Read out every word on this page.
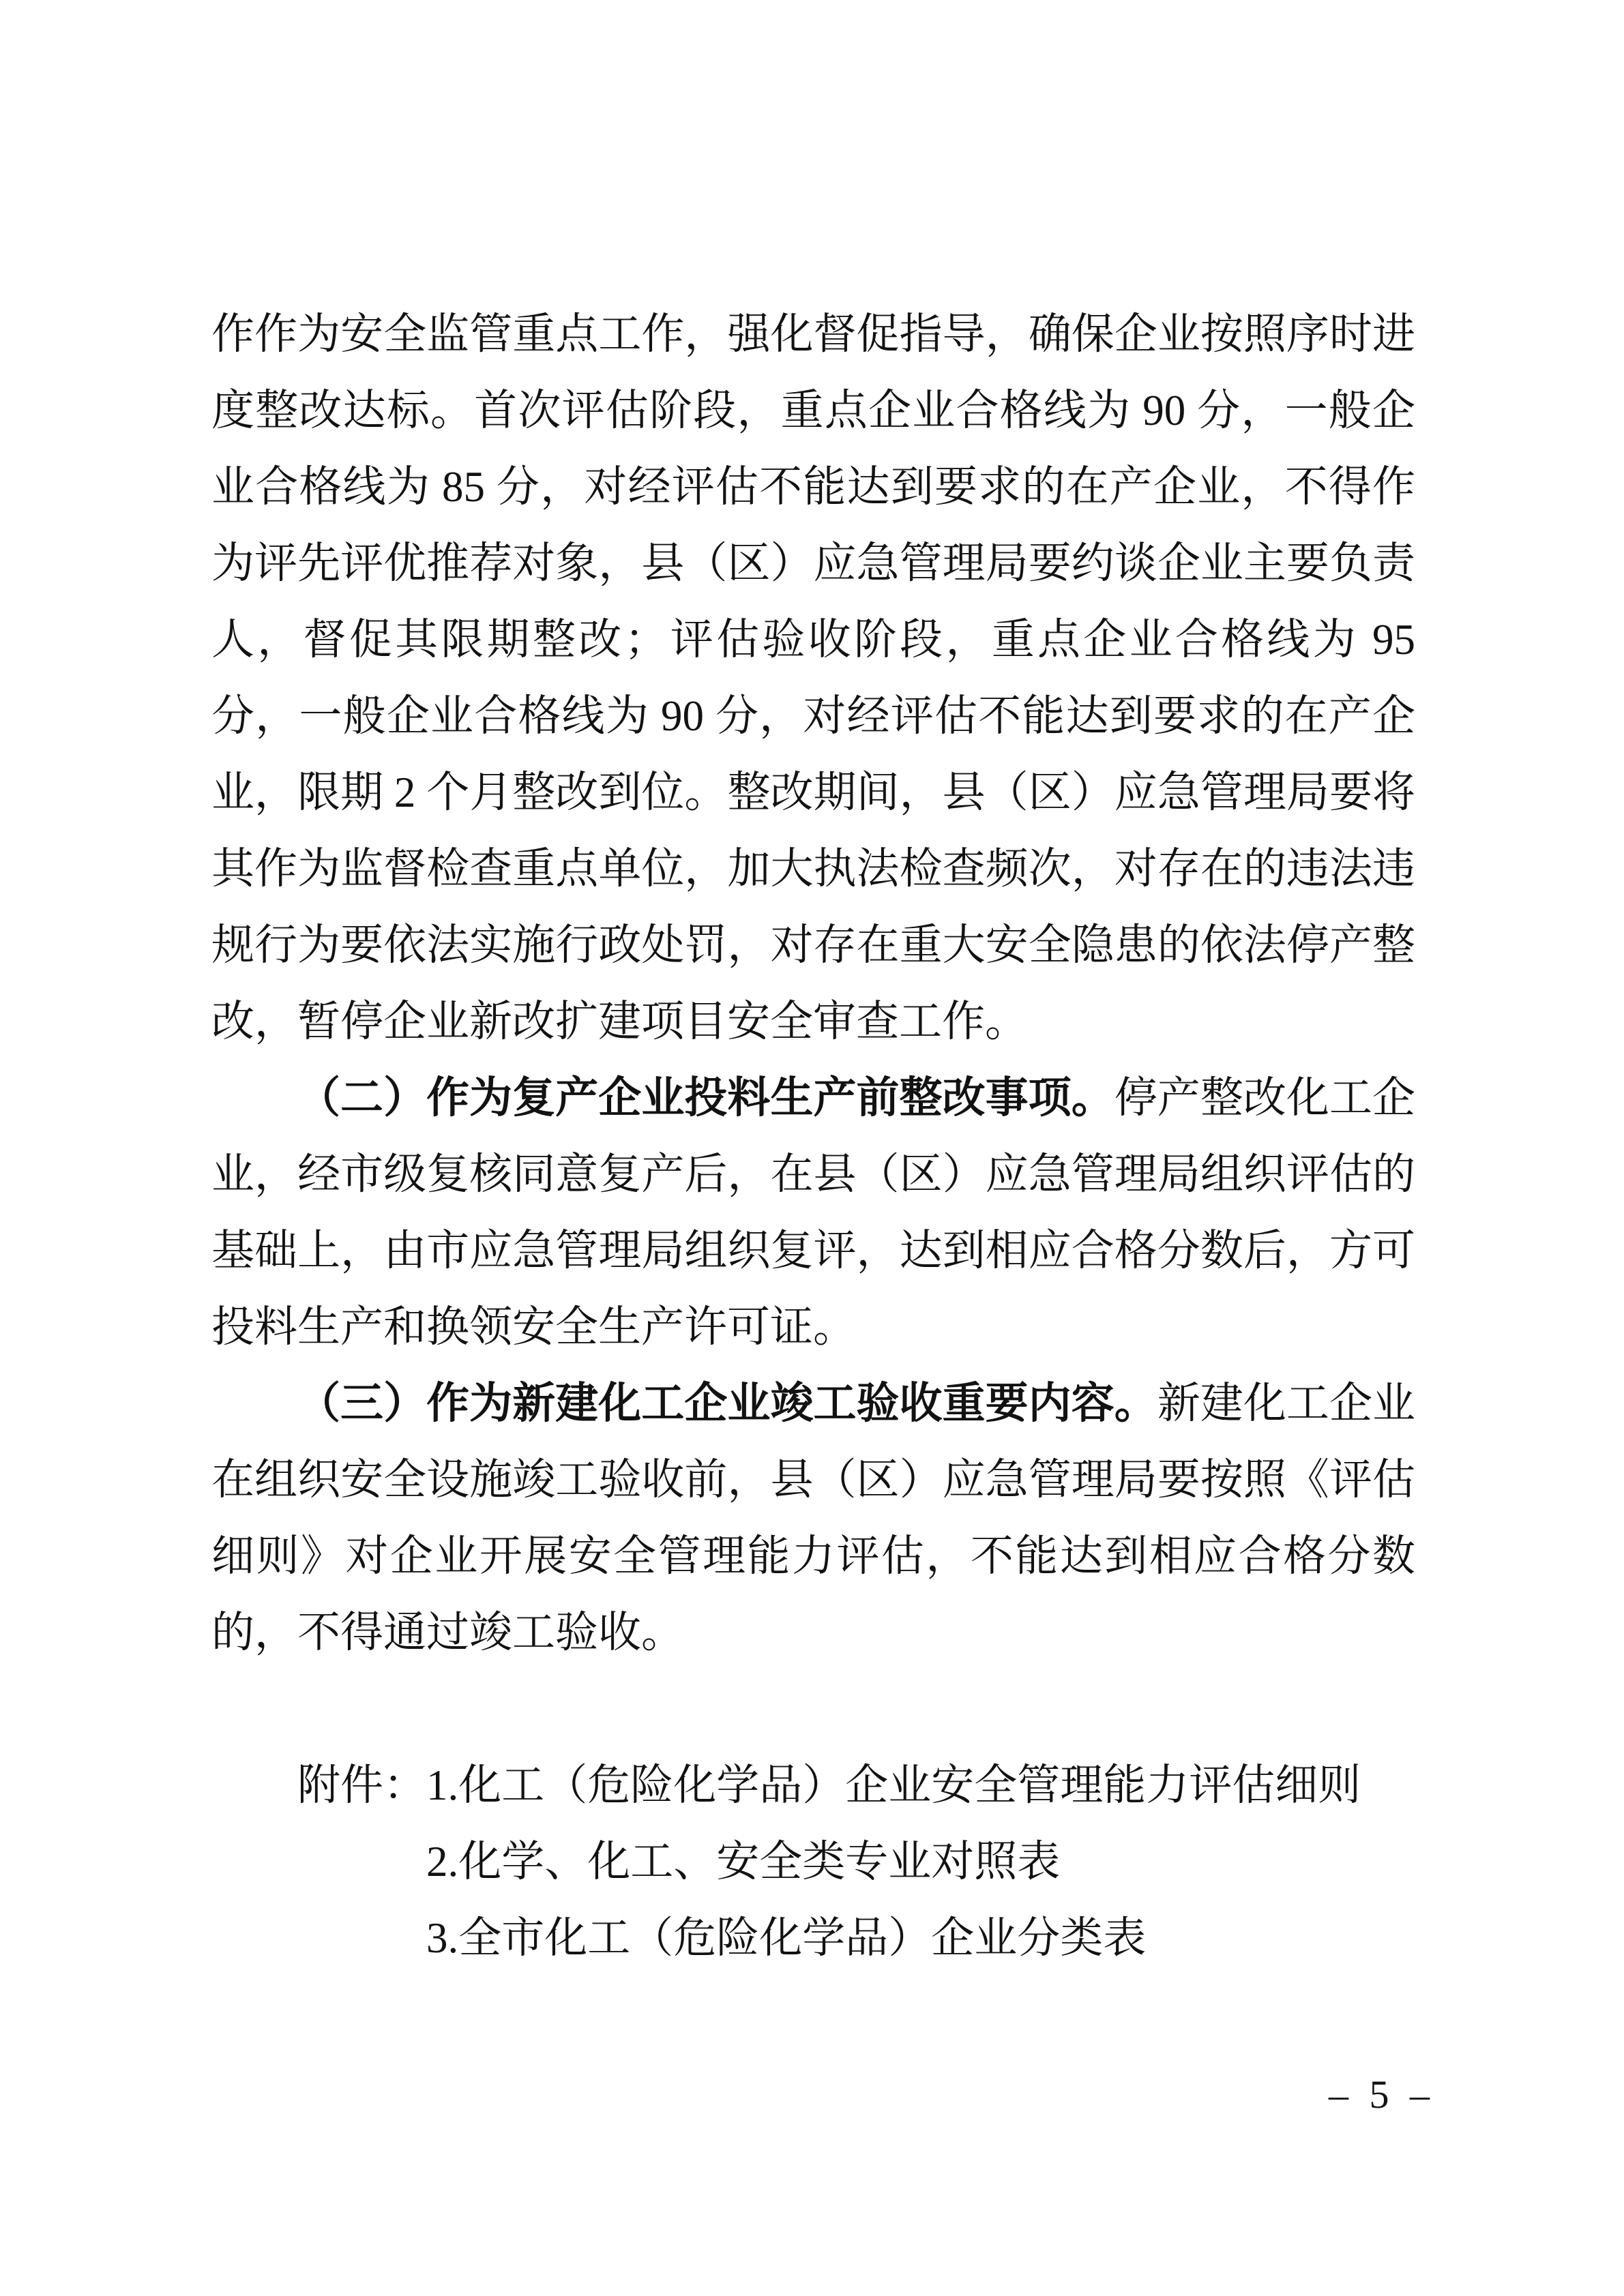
作作为安全监管重点工作，强化督促指导，确保企业按照序时进度整改达标。首次评估阶段，重点企业合格线为 90 分，一般企业合格线为 85 分，对经评估不能达到要求的在产企业，不得作为评先评优推荐对象，县（区）应急管理局要约谈企业主要负责人，督促其限期整改；评估验收阶段，重点企业合格线为 95 分，一般企业合格线为 90 分，对经评估不能达到要求的在产企业，限期 2 个月整改到位。整改期间，县（区）应急管理局要将其作为监督检查重点单位，加大执法检查频次，对存在的违法违规行为要依法实施行政处罚，对存在重大安全隐患的依法停产整改，暂停企业新改扩建项目安全审查工作。

（二）作为复产企业投料生产前整改事项。停产整改化工企业，经市级复核同意复产后，在县（区）应急管理局组织评估的基础上，由市应急管理局组织复评，达到相应合格分数后，方可投料生产和换领安全生产许可证。

（三）作为新建化工企业竣工验收重要内容。新建化工企业在组织安全设施竣工验收前，县（区）应急管理局要按照《评估细则》对企业开展安全管理能力评估，不能达到相应合格分数的，不得通过竣工验收。

附件： 1.化工（危险化学品）企业安全管理能力评估细则
2.化学、化工、安全类专业对照表
3.全市化工（危险化学品）企业分类表
– 5 –
